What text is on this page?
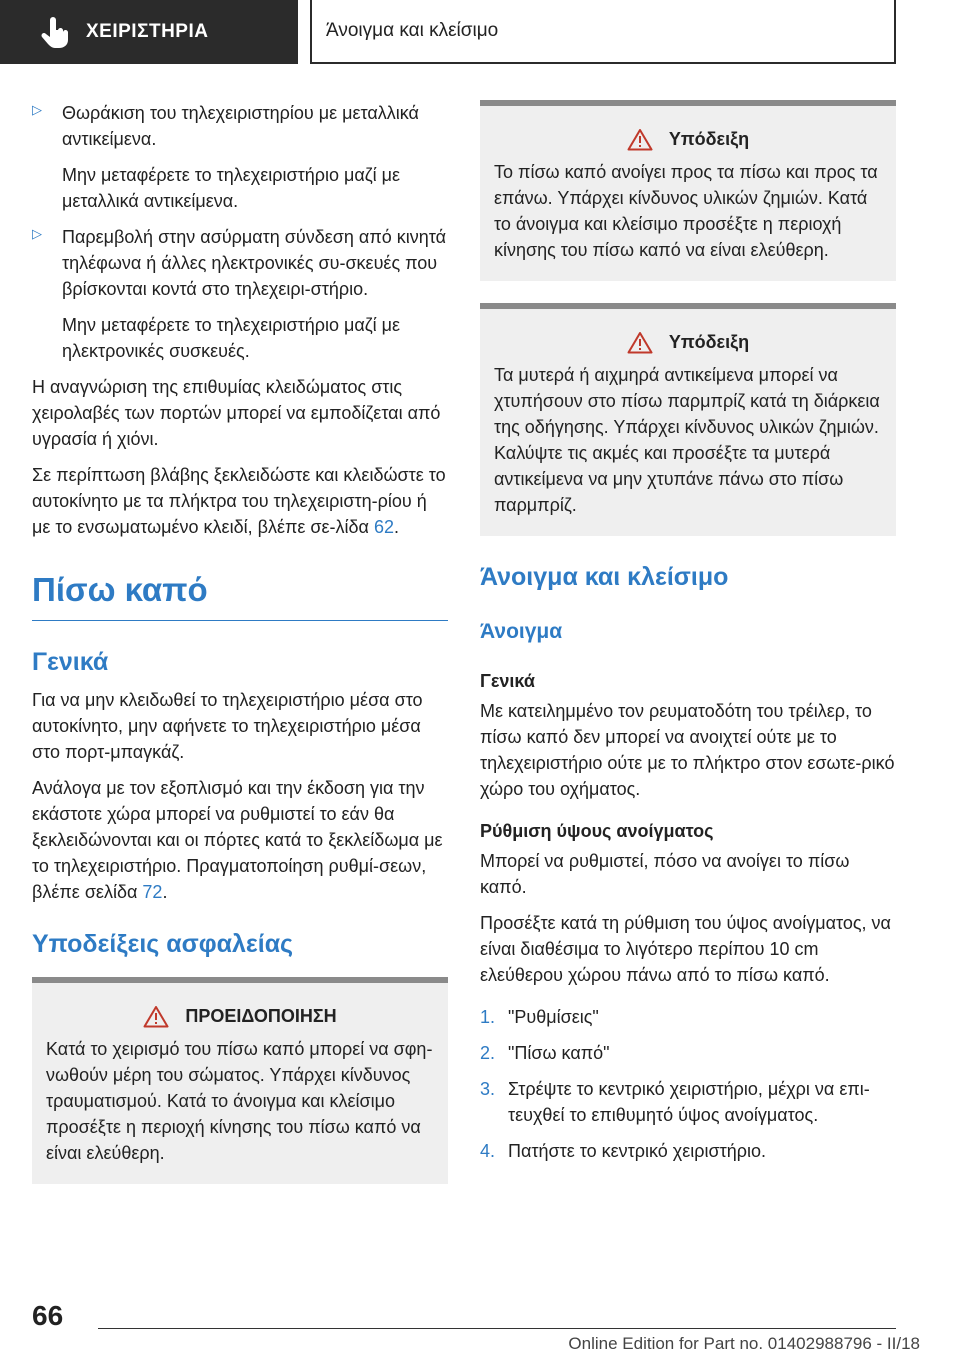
ΧΕΙΡΙΣΤΗΡΙΑ	Άνοιγμα και κλείσιμο
▷	Θωράκιση του τηλεχειριστηρίου με μεταλλικά αντικείμενα.

Μην μεταφέρετε το τηλεχειριστήριο μαζί με μεταλλικά αντικείμενα.

▷	Παρεμβολή στην ασύρματη σύνδεση από κινητά τηλέφωνα ή άλλες ηλεκτρονικές συ-σκευές που βρίσκονται κοντά στο τηλεχειρι-στήριο.

Μην μεταφέρετε το τηλεχειριστήριο μαζί με ηλεκτρονικές συσκευές.

Η αναγνώριση της επιθυμίας κλειδώματος στις χειρολαβές των πορτών μπορεί να εμποδίζεται από υγρασία ή χιόνι.

Σε περίπτωση βλάβης ξεκλειδώστε και κλειδώστε το αυτοκίνητο με τα πλήκτρα του τηλεχειριστη-ρίου ή με το ενσωματωμένο κλειδί, βλέπε σε-λίδα 62.

Πίσω καπό
Γενικά

Για να μην κλειδωθεί το τηλεχειριστήριο μέσα στο αυτοκίνητο, μην αφήνετε το τηλεχειριστήριο μέσα στο πορτ-μπαγκάζ.

Ανάλογα με τον εξοπλισμό και την έκδοση για την εκάστοτε χώρα μπορεί να ρυθμιστεί το εάν θα ξεκλειδώνονται και οι πόρτες κατά το ξεκλείδωμα με το τηλεχειριστήριο. Πραγματοποίηση ρυθμί-σεων, βλέπε σελίδα 72.

Υποδείξεις ασφαλείας
ΠΡΟΕΙΔΟΠΟΙΗΣΗ

Κατά το χειρισμό του πίσω καπό μπορεί να σφη-νωθούν μέρη του σώματος. Υπάρχει κίνδυνος τραυματισμού. Κατά το άνοιγμα και κλείσιμο προσέξτε η περιοχή κίνησης του πίσω καπό να είναι ελεύθερη.

Υπόδειξη

Το πίσω καπό ανοίγει προς τα πίσω και προς τα επάνω. Υπάρχει κίνδυνος υλικών ζημιών. Κατά το άνοιγμα και κλείσιμο προσέξτε η περιοχή κίνησης του πίσω καπό να είναι ελεύθερη.

Υπόδειξη

Τα μυτερά ή αιχμηρά αντικείμενα μπορεί να χτυπήσουν στο πίσω παρμπρίζ κατά τη διάρκεια της οδήγησης. Υπάρχει κίνδυνος υλικών ζημιών. Καλύψτε τις ακμές και προσέξτε τα μυτερά αντικείμενα να μην χτυπάνε πάνω στο πίσω παρμπρίζ.

Άνοιγμα και κλείσιμο
Άνοιγμα
Γενικά

Με κατειλημμένο τον ρευματοδότη του τρέιλερ, το πίσω καπό δεν μπορεί να ανοιχτεί ούτε με το τηλεχειριστήριο ούτε με το πλήκτρο στον εσωτε-ρικό χώρο του οχήματος.

Ρύθμιση ύψους ανοίγματος

Μπορεί να ρυθμιστεί, πόσο να ανοίγει το πίσω καπό.

Προσέξτε κατά τη ρύθμιση του ύψος ανοίγματος, να είναι διαθέσιμα το λιγότερο περίπου 10 cm ελεύθερου χώρου πάνω από το πίσω καπό.

1. "Ρυθμίσεις"
2. "Πίσω καπό"
3. Στρέψτε το κεντρικό χειριστήριο, μέχρι να επι-τευχθεί το επιθυμητό ύψος ανοίγματος.
4. Πατήστε το κεντρικό χειριστήριο.
66
Online Edition for Part no. 01402988796 - II/18
